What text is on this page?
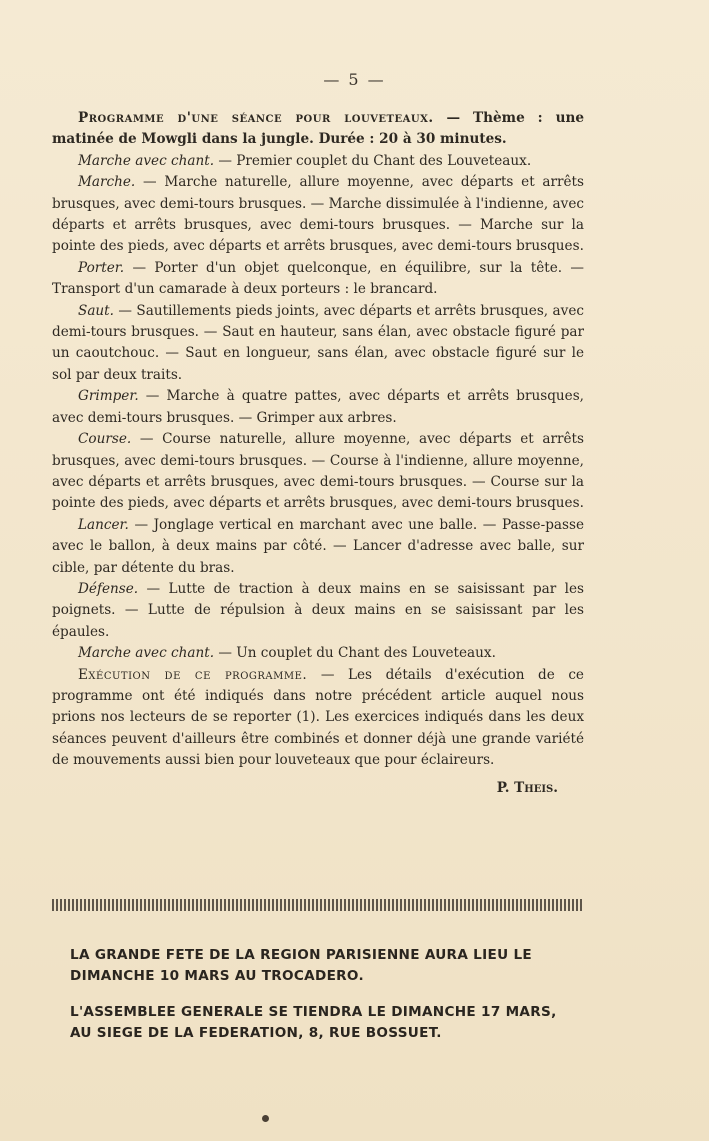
— 5 —

Programme d'une séance pour louveteaux. — Thème : une matinée de Mowgli dans la jungle. Durée : 20 à 30 minutes.

Marche avec chant. — Premier couplet du Chant des Louveteaux.

Marche. — Marche naturelle, allure moyenne, avec départs et arrêts brusques, avec demi-tours brusques. — Marche dissimulée à l'indienne, avec départs et arrêts brusques, avec demi-tours brusques. — Marche sur la pointe des pieds, avec départs et arrêts brusques, avec demi-tours brusques.

Porter. — Porter d'un objet quelconque, en équilibre, sur la tête. — Transport d'un camarade à deux porteurs : le brancard.

Saut. — Sautillements pieds joints, avec départs et arrêts brusques, avec demi-tours brusques. — Saut en hauteur, sans élan, avec obstacle figuré par un caoutchouc. — Saut en longueur, sans élan, avec obstacle figuré sur le sol par deux traits.

Grimper. — Marche à quatre pattes, avec départs et arrêts brusques, avec demi-tours brusques. — Grimper aux arbres.

Course. — Course naturelle, allure moyenne, avec départs et arrêts brusques, avec demi-tours brusques. — Course à l'indienne, allure moyenne, avec départs et arrêts brusques, avec demi-tours brusques. — Course sur la pointe des pieds, avec départs et arrêts brusques, avec demi-tours brusques.

Lancer. — Jonglage vertical en marchant avec une balle. — Passe-passe avec le ballon, à deux mains par côté. — Lancer d'adresse avec balle, sur cible, par détente du bras.

Défense. — Lutte de traction à deux mains en se saisissant par les poignets. — Lutte de répulsion à deux mains en se saisissant par les épaules.

Marche avec chant. — Un couplet du Chant des Louveteaux.

Exécution de ce programme. — Les détails d'exécution de ce programme ont été indiqués dans notre précédent article auquel nous prions nos lecteurs de se reporter (1). Les exercices indiqués dans les deux séances peuvent d'ailleurs être combinés et donner déjà une grande variété de mouvements aussi bien pour louveteaux que pour éclaireurs.

P. Theis.
LA GRANDE FETE DE LA REGION PARISIENNE AURA LIEU LE DIMANCHE 10 MARS AU TROCADERO.
L'ASSEMBLEE GENERALE SE TIENDRA LE DIMANCHE 17 MARS, AU SIEGE DE LA FEDERATION, 8, RUE BOSSUET.
